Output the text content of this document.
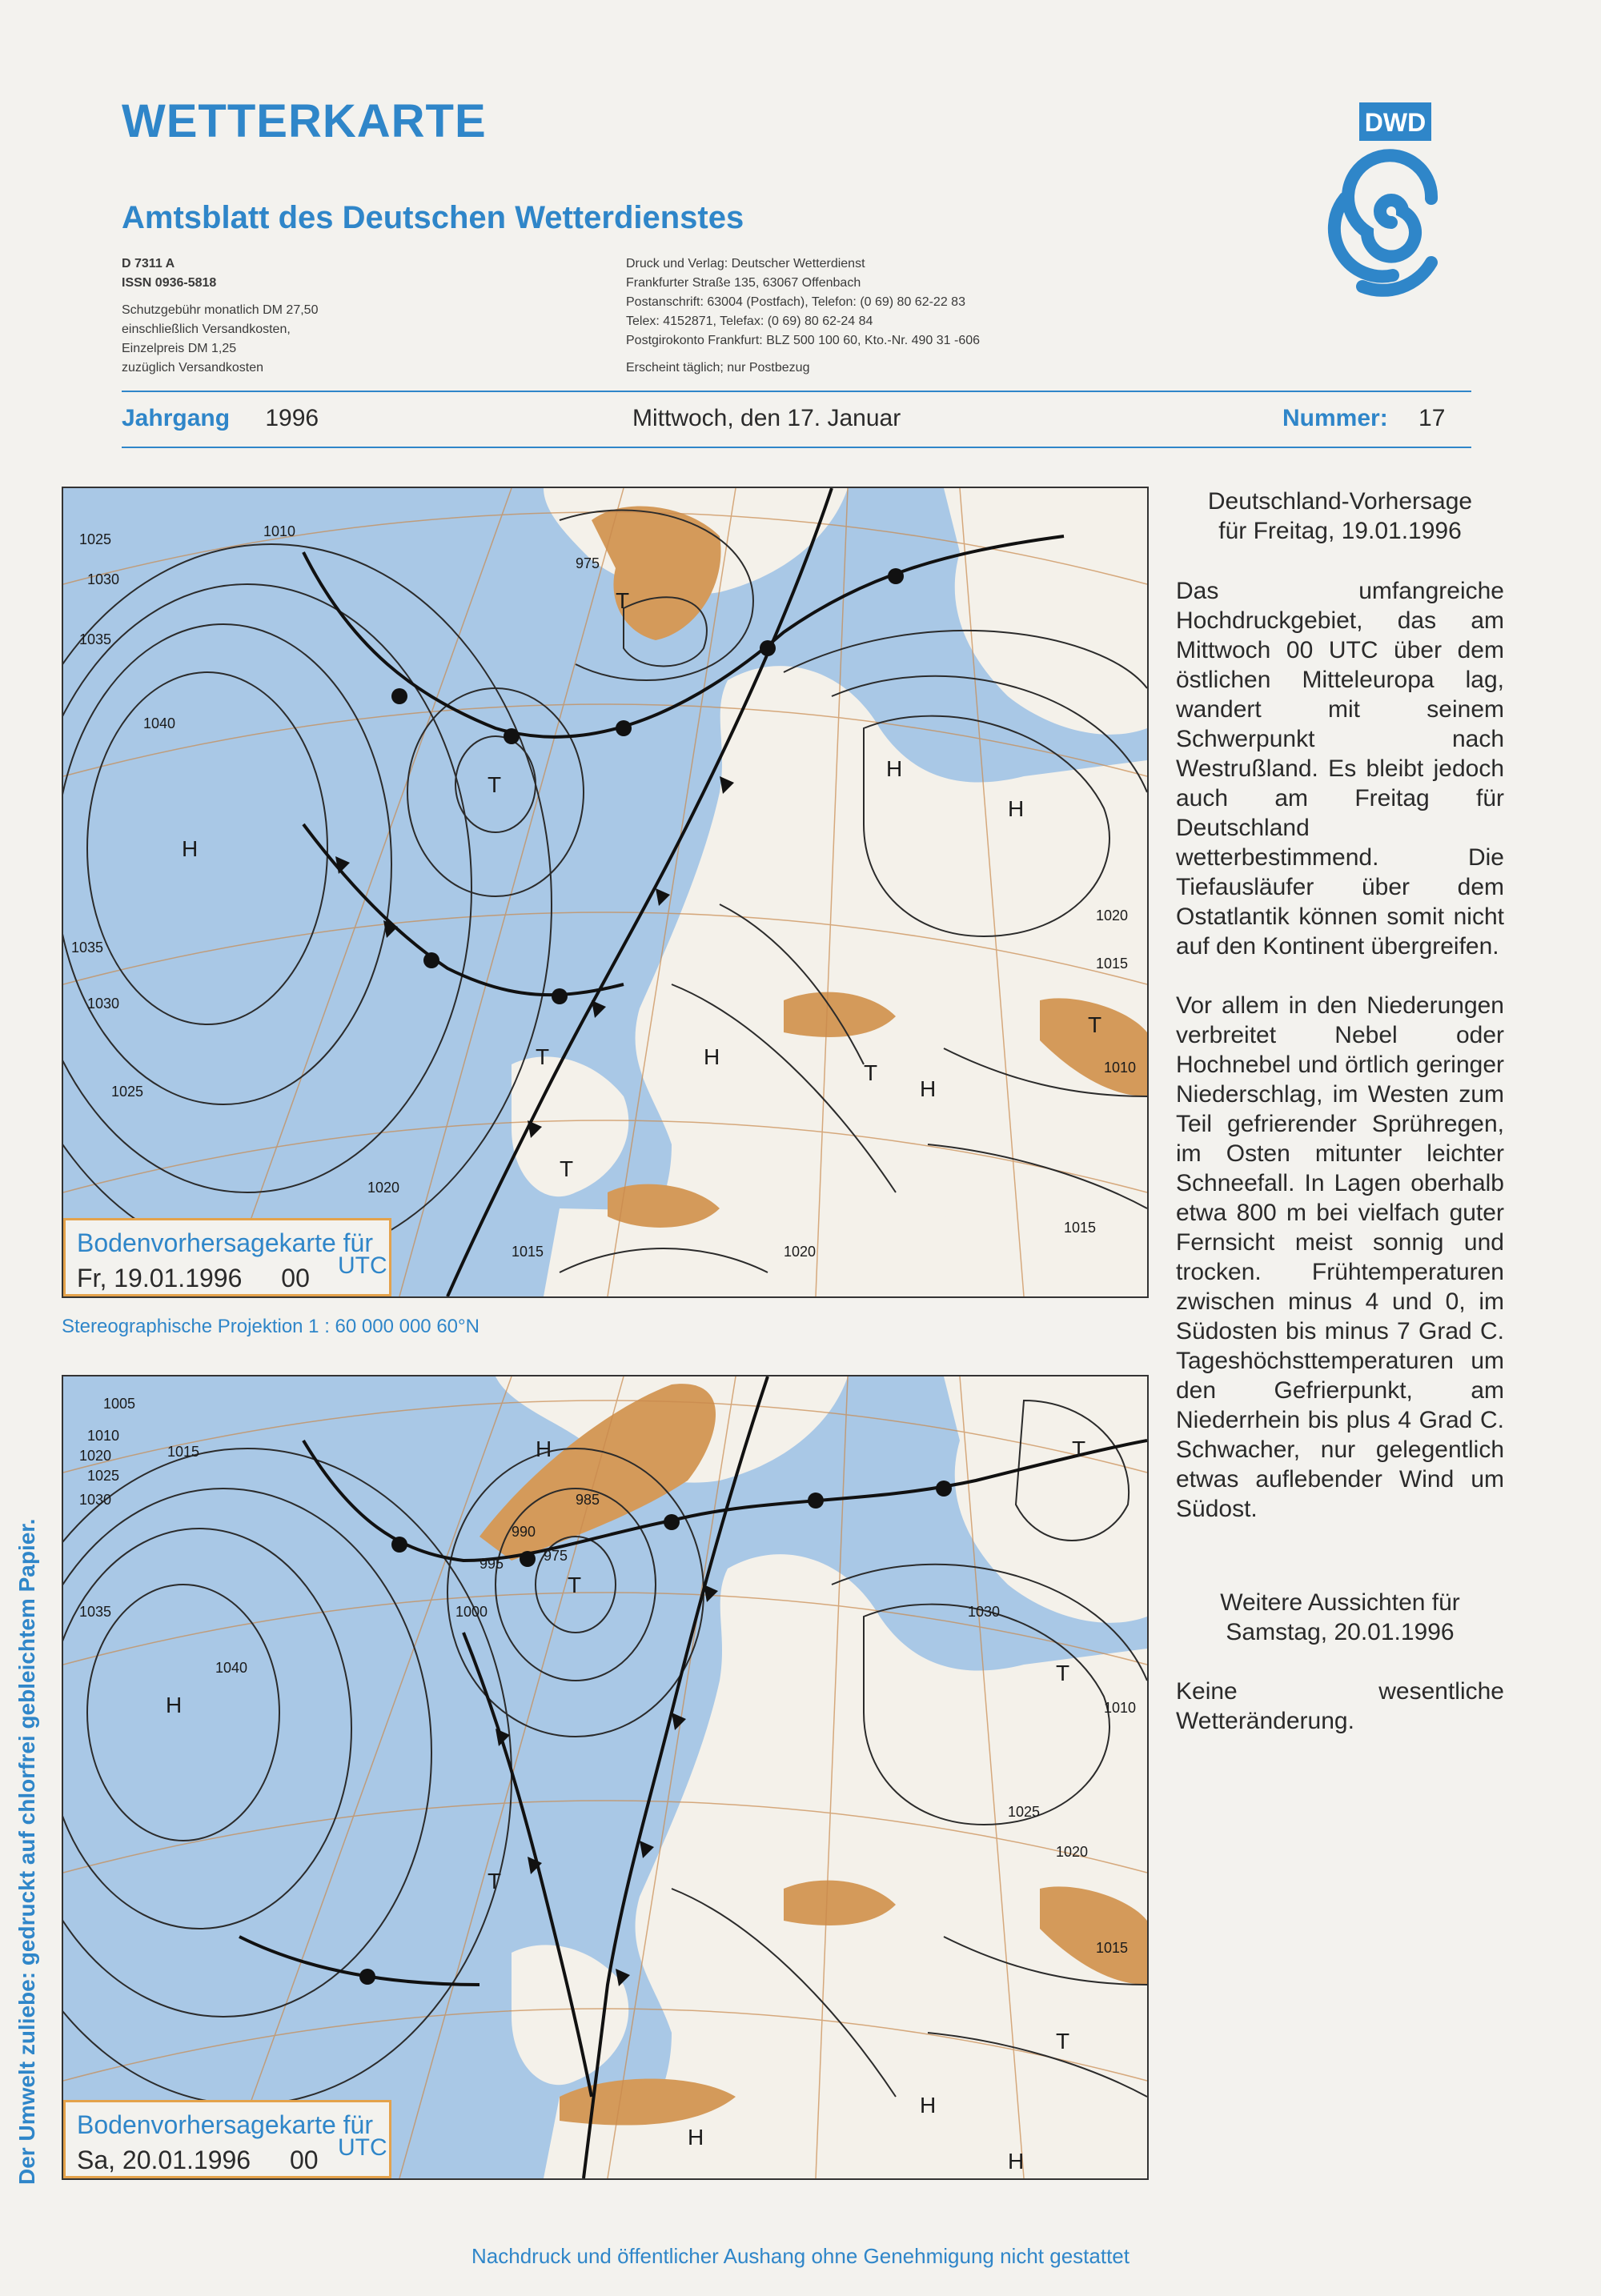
WETTERKARTE
Amtsblatt des Deutschen Wetterdienstes
D 7311 A
ISSN 0936-5818
Schutzgebühr monatlich DM 27,50
einschließlich Versandkosten,
Einzelpreis DM 1,25
zuzüglich Versandkosten
Druck und Verlag: Deutscher Wetterdienst
Frankfurter Straße 135, 63067 Offenbach
Postanschrift: 63004 (Postfach), Telefon: (0 69) 80 62-22 83
Telex: 4152871, Telefax: (0 69) 80 62-24 84
Postgirokonto Frankfurt: BLZ 500 100 60, Kto.-Nr. 490 31 -606
Erscheint täglich; nur Postbezug
DWD
Jahrgang 1996	Mittwoch, den 17. Januar	Nummer: 17
H
H
H
H
H
T
T
T
T
T
T
1025
1030
1035
1040
1020
1015
1010
975
1035
1030
1025
1020
1015
1010
1020
1015
Bodenvorhersagekarte für
Fr, 19.01.1996 00 UTC
Stereographische Projektion 1 : 60 000 000 60°N
H
H
H
H
H
T
T
T
T
T
1005
1010
1015
1020
1025
1030
1035
1040
985
990
995	975
1000	1030
1025
1020
1015
1010
Bodenvorhersagekarte für
Sa, 20.01.1996 00 UTC
Deutschland-Vorhersage
für Freitag, 19.01.1996
Das umfangreiche Hochdruckgebiet, das am Mittwoch 00 UTC über dem östlichen Mitteleuropa lag, wandert mit seinem Schwerpunkt nach Westrußland. Es bleibt jedoch auch am Freitag für Deutschland wetterbestimmend. Die Tiefausläufer über dem Ostatlantik können somit nicht auf den Kontinent übergreifen.
Vor allem in den Niederungen verbreitet Nebel oder Hochnebel und örtlich geringer Niederschlag, im Westen zum Teil gefrierender Sprühregen, im Osten mitunter leichter Schneefall. In Lagen oberhalb etwa 800 m bei vielfach guter Fernsicht meist sonnig und trocken. Frühtemperaturen zwischen minus 4 und 0, im Südosten bis minus 7 Grad C. Tageshöchsttemperaturen um den Gefrierpunkt, am Niederrhein bis plus 4 Grad C. Schwacher, nur gelegentlich etwas auflebender Wind um Südost.
Weitere Aussichten für
Samstag, 20.01.1996
Keine wesentliche Wetteränderung.
Der Umwelt zuliebe: gedruckt auf chlorfrei gebleichtem Papier.
Nachdruck und öffentlicher Aushang ohne Genehmigung nicht gestattet
